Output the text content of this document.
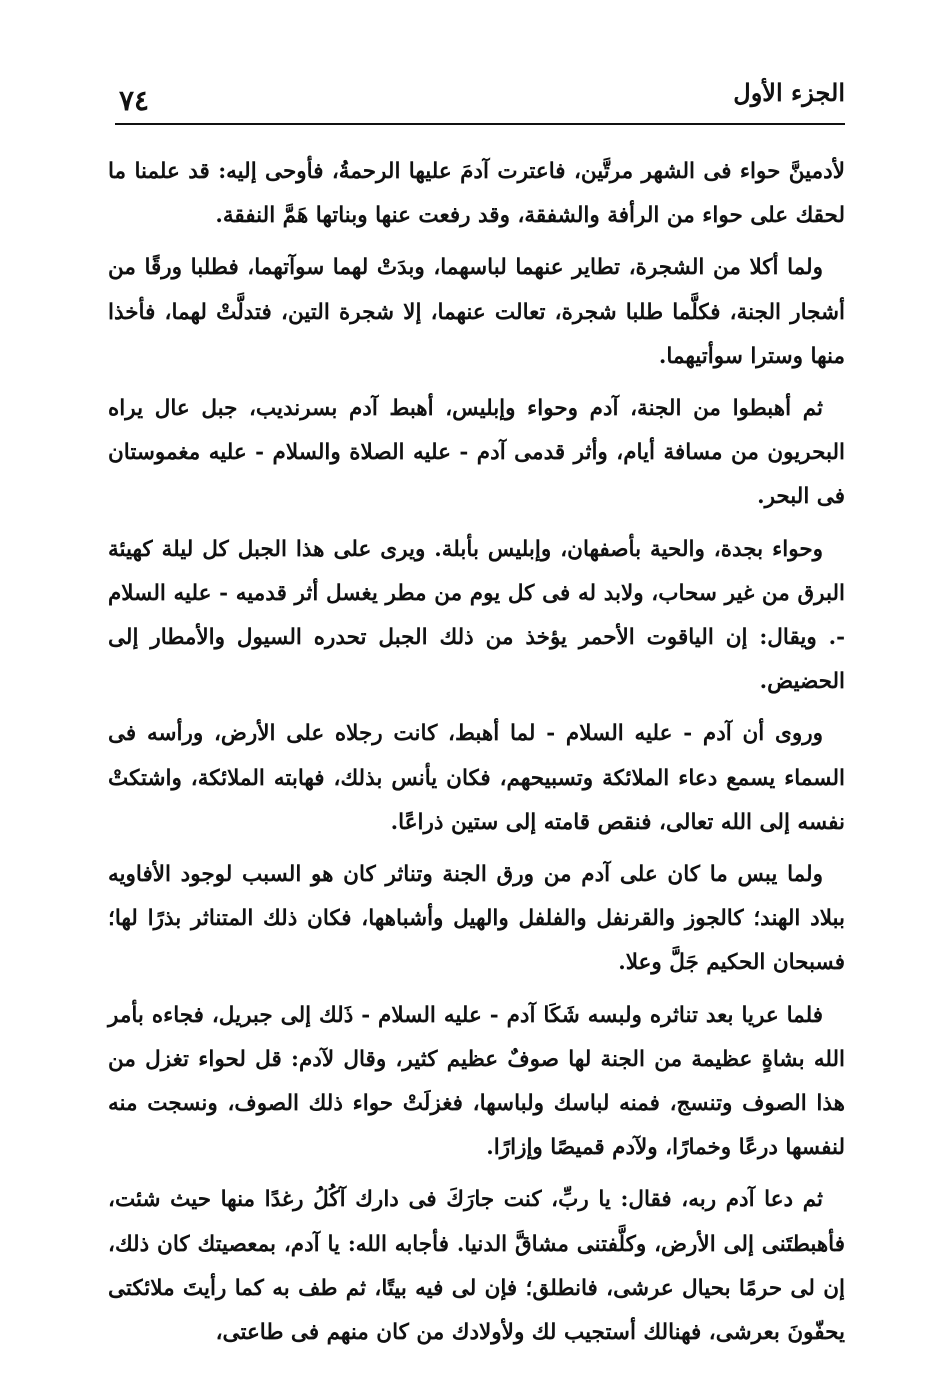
٧٤	الجزء الأول

لأدمينَّ حواء فى الشهر مرتَّين، فاعترت آدمَ عليها الرحمةُ، فأوحى إليه: قد علمنا ما لحقك على حواء من الرأفة والشفقة، وقد رفعت عنها وبناتها هَمَّ النفقة.

ولما أكلا من الشجرة، تطاير عنهما لباسهما، وبدَتْ لهما سوآتهما، فطلبا ورقًا من أشجار الجنة، فكلَّما طلبا شجرة، تعالت عنهما، إلا شجرة التين، فتدلَّتْ لهما، فأخذا منها وسترا سوأتيهما.

ثم أهبطوا من الجنة، آدم وحواء وإبليس، أهبط آدم بسرنديب، جبل عال يراه البحريون من مسافة أيام، وأثر قدمى آدم - عليه الصلاة والسلام - عليه مغموستان فى البحر.

وحواء بجدة، والحية بأصفهان، وإبليس بأبلة. ويرى على هذا الجبل كل ليلة كهيئة البرق من غير سحاب، ولابد له فى كل يوم من مطر يغسل أثر قدميه - عليه السلام -. ويقال: إن الياقوت الأحمر يؤخذ من ذلك الجبل تحدره السيول والأمطار إلى الحضيض.

وروى أن آدم - عليه السلام - لما أهبط، كانت رجلاه على الأرض، ورأسه فى السماء يسمع دعاء الملائكة وتسبيحهم، فكان يأنس بذلك، فهابته الملائكة، واشتكتْ نفسه إلى الله تعالى، فنقص قامته إلى ستين ذراعًا.

ولما يبس ما كان على آدم من ورق الجنة وتناثر كان هو السبب لوجود الأفاويه ببلاد الهند؛ كالجوز والقرنفل والفلفل والهيل وأشباهها، فكان ذلك المتناثر بذرًا لها؛ فسبحان الحكيم جَلَّ وعلا.

فلما عريا بعد تناثره ولبسه شَكَا آدم - عليه السلام - ذَلك إلى جبريل، فجاءه بأمر الله بشاةٍ عظيمة من الجنة لها صوفٌ عظيم كثير، وقال لآدم: قل لحواء تغزل من هذا الصوف وتنسج، فمنه لباسك ولباسها، فغزلَتْ حواء ذلك الصوف، ونسجت منه لنفسها درعًا وخمارًا، ولآدم قميصًا وإزارًا.

ثم دعا آدم ربه، فقال: يا ربِّ، كنت جارَكَ فى دارك آكُلُ رغدًا منها حيث شئت، فأهبطتَنى إلى الأرض، وكلَّفتنى مشاقَّ الدنيا. فأجابه الله: يا آدم، بمعصيتك كان ذلك، إن لى حرمًا بحيال عرشى، فانطلق؛ فإن لى فيه بيتًا، ثم طف به كما رأيتَ ملائكتى يحفّونَ بعرشى، فهنالك أستجيب لك ولأولادك من كان منهم فى طاعتى،
